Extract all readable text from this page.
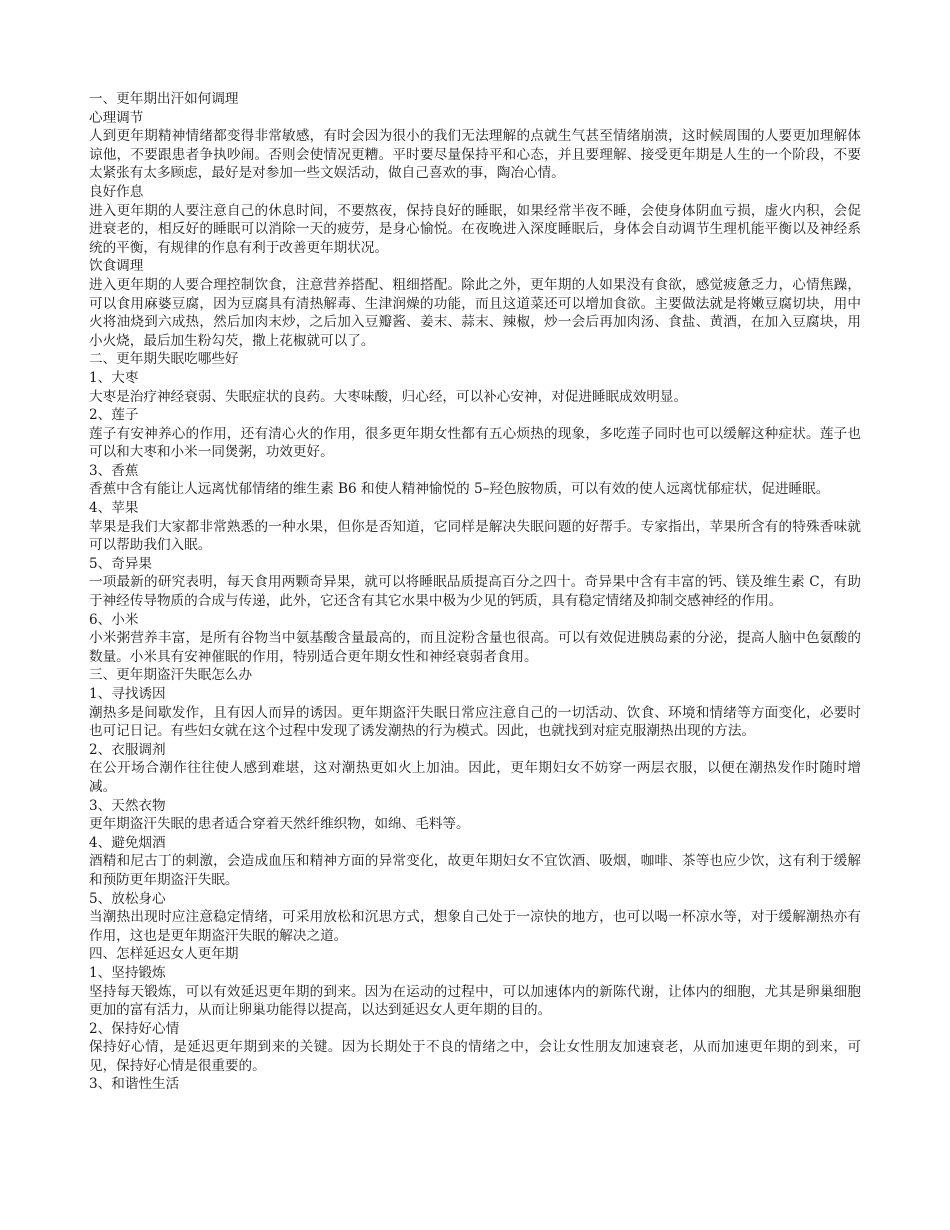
一、更年期出汗如何调理

心理调节

人到更年期精神情绪都变得非常敏感，有时会因为很小的我们无法理解的点就生气甚至情绪崩溃，这时候周围的人要更加理解体谅他，不要跟患者争执吵闹。否则会使情况更糟。平时要尽量保持平和心态，并且要理解、接受更年期是人生的一个阶段，不要太紧张有太多顾虑，最好是对参加一些文娱活动，做自己喜欢的事，陶冶心情。

良好作息

进入更年期的人要注意自己的休息时间，不要熬夜，保持良好的睡眠，如果经常半夜不睡，会使身体阴血亏损，虚火内积，会促进衰老的，相反好的睡眠可以消除一天的疲劳，是身心愉悦。在夜晚进入深度睡眠后，身体会自动调节生理机能平衡以及神经系统的平衡，有规律的作息有利于改善更年期状况。

饮食调理

进入更年期的人要合理控制饮食，注意营养搭配、粗细搭配。除此之外，更年期的人如果没有食欲，感觉疲惫乏力，心情焦躁，可以食用麻婆豆腐，因为豆腐具有清热解毒、生津润燥的功能，而且这道菜还可以增加食欲。主要做法就是将嫩豆腐切块，用中火将油烧到六成热，然后加肉末炒，之后加入豆瓣酱、姜末、蒜末、辣椒，炒一会后再加肉汤、食盐、黄酒，在加入豆腐块，用小火烧，最后加生粉勾芡，撒上花椒就可以了。

二、更年期失眠吃哪些好

1、大枣

大枣是治疗神经衰弱、失眠症状的良药。大枣味酸，归心经，可以补心安神，对促进睡眠成效明显。

2、莲子

莲子有安神养心的作用，还有清心火的作用，很多更年期女性都有五心烦热的现象，多吃莲子同时也可以缓解这种症状。莲子也可以和大枣和小米一同煲粥，功效更好。

3、香蕉

香蕉中含有能让人远离忧郁情绪的维生素 B6 和使人精神愉悦的 5–羟色胺物质，可以有效的使人远离忧郁症状，促进睡眠。

4、苹果

苹果是我们大家都非常熟悉的一种水果，但你是否知道，它同样是解决失眠问题的好帮手。专家指出，苹果所含有的特殊香味就可以帮助我们入眠。

5、奇异果

一项最新的研究表明，每天食用两颗奇异果，就可以将睡眠品质提高百分之四十。奇异果中含有丰富的钙、镁及维生素 C，有助于神经传导物质的合成与传递，此外，它还含有其它水果中极为少见的钙质，具有稳定情绪及抑制交感神经的作用。

6、小米

小米粥营养丰富，是所有谷物当中氨基酸含量最高的，而且淀粉含量也很高。可以有效促进胰岛素的分泌，提高人脑中色氨酸的数量。小米具有安神催眠的作用，特别适合更年期女性和神经衰弱者食用。

三、更年期盗汗失眠怎么办

1、寻找诱因

潮热多是间歇发作，且有因人而异的诱因。更年期盗汗失眠日常应注意自己的一切活动、饮食、环境和情绪等方面变化，必要时也可记日记。有些妇女就在这个过程中发现了诱发潮热的行为模式。因此，也就找到对症克服潮热出现的方法。

2、衣服调剂

在公开场合潮作往往使人感到难堪，这对潮热更如火上加油。因此，更年期妇女不妨穿一两层衣服，以便在潮热发作时随时增减。

3、天然衣物

更年期盗汗失眠的患者适合穿着天然纤维织物，如绵、毛料等。

4、避免烟酒

酒精和尼古丁的刺激，会造成血压和精神方面的异常变化，故更年期妇女不宜饮酒、吸烟，咖啡、茶等也应少饮，这有利于缓解和预防更年期盗汗失眠。

5、放松身心

当潮热出现时应注意稳定情绪，可采用放松和沉思方式，想象自己处于一凉快的地方，也可以喝一杯凉水等，对于缓解潮热亦有作用，这也是更年期盗汗失眠的解决之道。

四、怎样延迟女人更年期

1、坚持锻炼

坚持每天锻炼，可以有效延迟更年期的到来。因为在运动的过程中，可以加速体内的新陈代谢，让体内的细胞，尤其是卵巢细胞更加的富有活力，从而让卵巢功能得以提高，以达到延迟女人更年期的目的。

2、保持好心情

保持好心情，是延迟更年期到来的关键。因为长期处于不良的情绪之中，会让女性朋友加速衰老，从而加速更年期的到来，可见，保持好心情是很重要的。

3、和谐性生活
